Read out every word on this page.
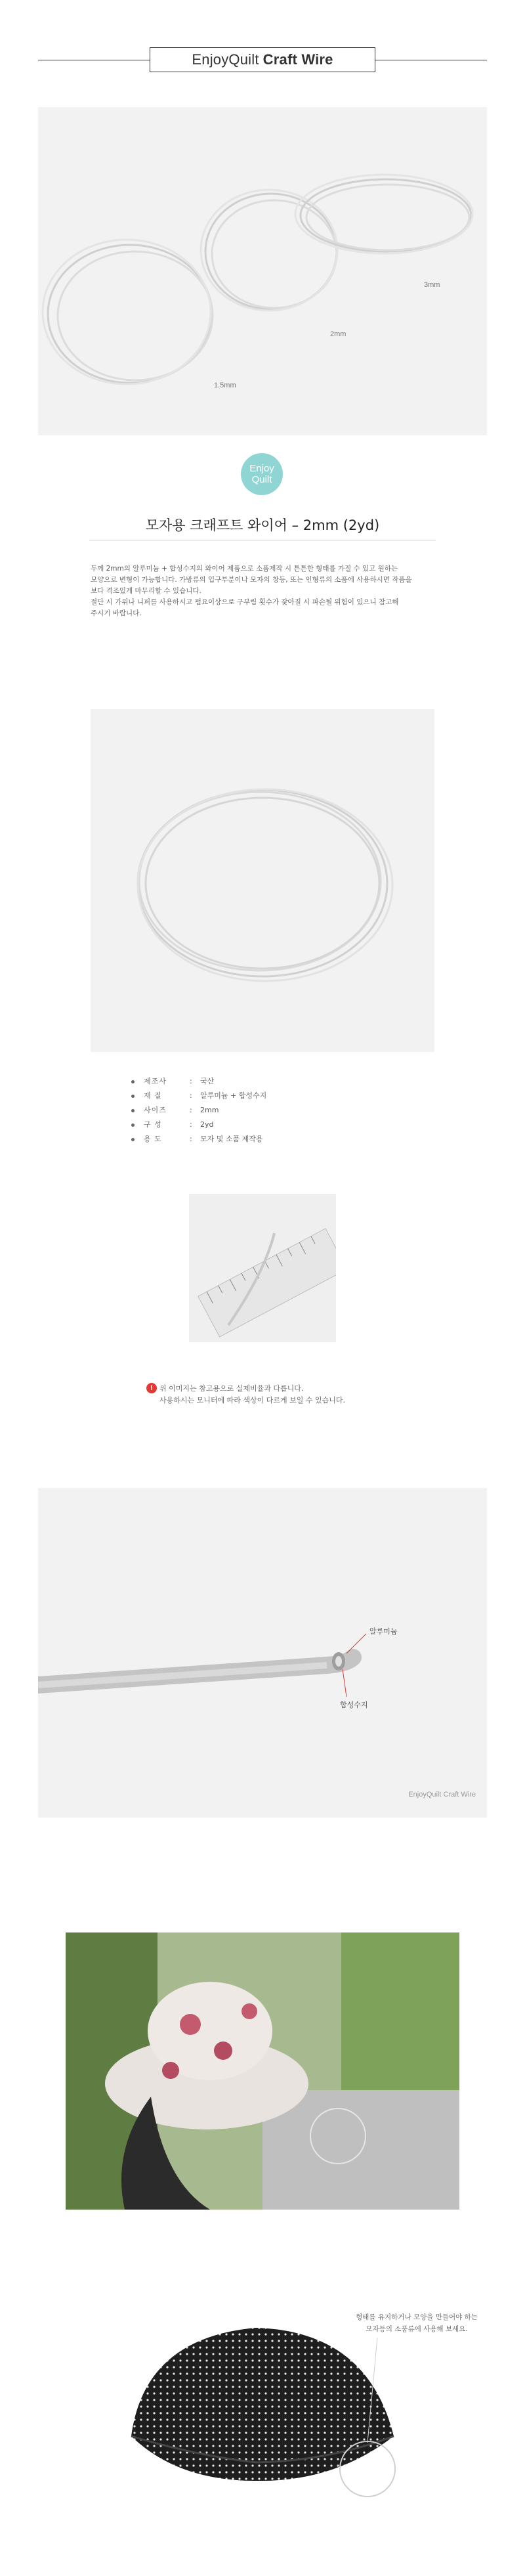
EnjoyQuilt Craft Wire
1.5mm
2mm
3mm
Enjoy
Quilt
모자용 크래프트 와이어 – 2mm (2yd)
두께 2mm의 알루미늄 + 합성수지의 와이어 제품으로 소품제작 시 튼튼한 형태를 가질 수 있고 원하는
모양으로 변형이 가능합니다. 가방류의 입구부분이나 모자의 창등, 또는 인형류의 소품에 사용하시면 작품을
보다 격조있게 마무리할 수 있습니다.
절단 시 가위나 니퍼를 사용하시고 펌요이상으로 구부림 횟수가 잦아질 시 파손될 위험이 있으니 참고해
주시기 바랍니다.
제조사	:	국산
재 질	:	알루미늄 + 합성수지
사이즈	:	2mm
구 성	:	2yd
용 도	:	모자 및 소품 제작용
! 위 이미지는 참고용으로 실제비율과 다릅니다.
사용하시는 모니터에 따라 색상이 다르게 보일 수 있습니다.
알루미늄
합성수지
EnjoyQuilt Craft Wire
형태를 유지하거나 모양을 만들어야 하는
모자등의 소품류에 사용해 보세요.
